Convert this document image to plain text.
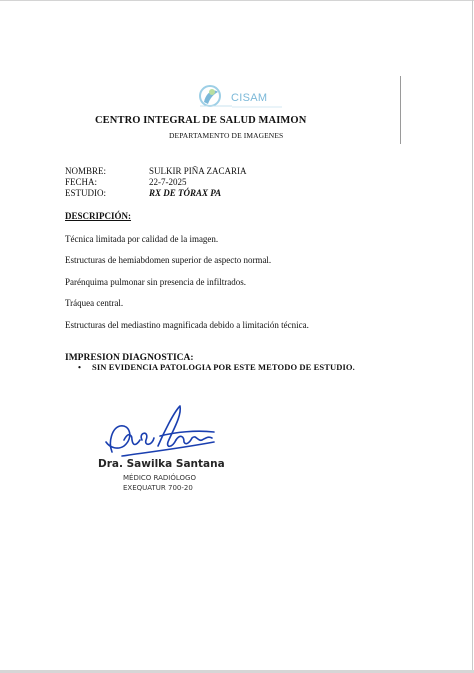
CISAM
CENTRO INTEGRAL DE SALUD MAIMON
DEPARTAMENTO DE IMAGENES
NOMBRE:	SULKIR PIÑA ZACARIA
FECHA:	22-7-2025
ESTUDIO:	RX DE TÓRAX PA
DESCRIPCIÓN:
Técnica limitada por calidad de la imagen.
Estructuras de hemiabdomen superior de aspecto normal.
Parénquima pulmonar sin presencia de infiltrados.
Tráquea central.
Estructuras del mediastino magnificada debido a limitación técnica.
IMPRESION DIAGNOSTICA:
• SIN EVIDENCIA PATOLOGIA POR ESTE METODO DE ESTUDIO.
Dra. Sawilka Santana
MÉDICO RADIÓLOGO
EXEQUATUR 700-20
